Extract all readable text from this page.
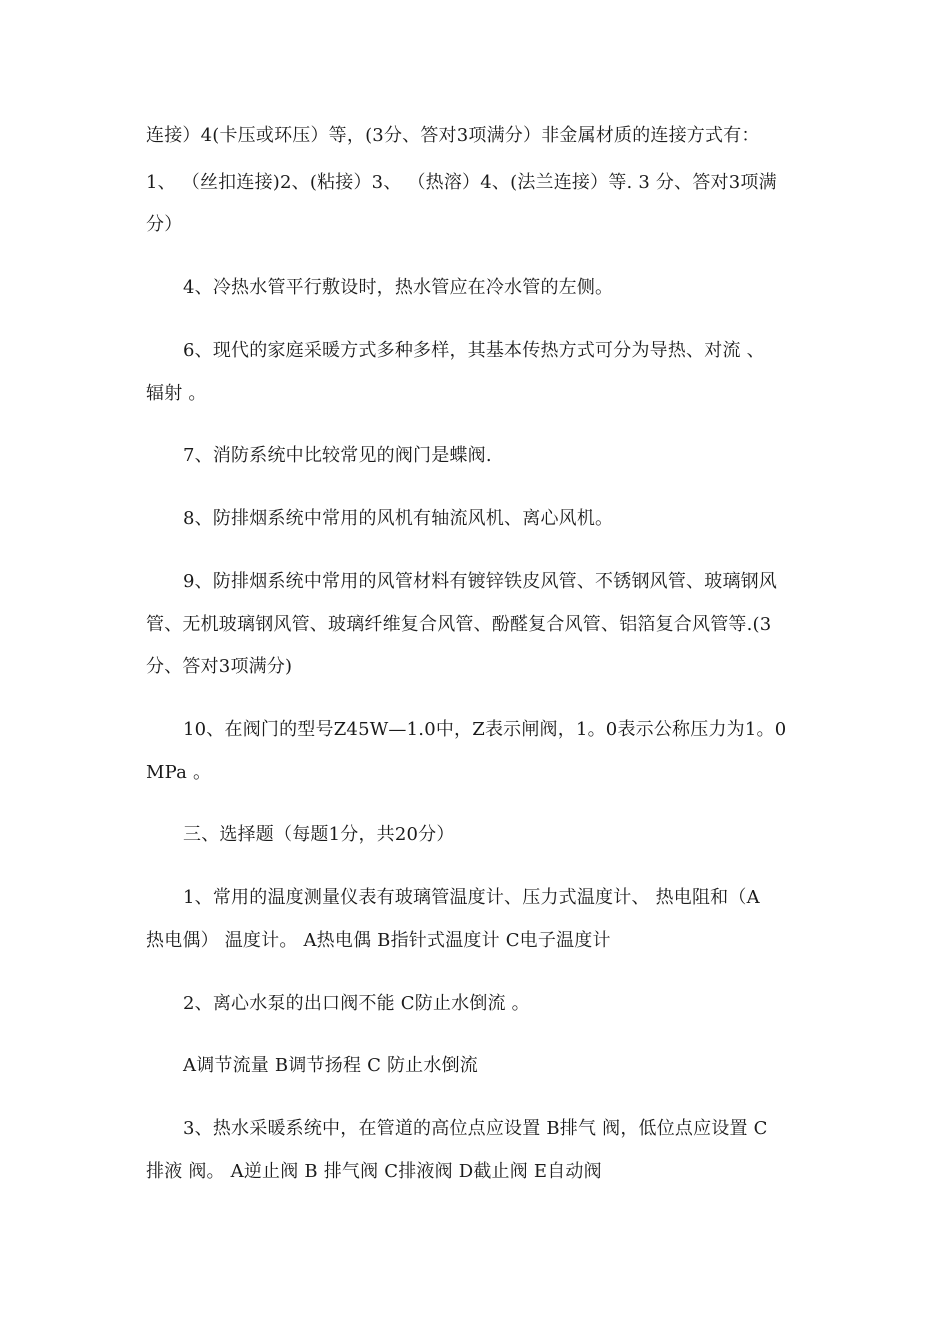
连接）4(卡压或环压）等，(3分、答对3项满分）非金属材质的连接方式有：
1、 （丝扣连接)2、(粘接）3、 （热溶）4、(法兰连接）等. 3 分、答对3项满
分）
4、冷热水管平行敷设时，热水管应在冷水管的左侧。
6、现代的家庭采暖方式多种多样，其基本传热方式可分为导热、对流 、
辐射 。
7、消防系统中比较常见的阀门是蝶阀.
8、防排烟系统中常用的风机有轴流风机、离心风机。
9、防排烟系统中常用的风管材料有镀锌铁皮风管、不锈钢风管、玻璃钢风
管、无机玻璃钢风管、玻璃纤维复合风管、酚醛复合风管、铝箔复合风管等.(3
分、答对3项满分)
10、在阀门的型号Z45W—1.0中，Z表示闸阀，1。0表示公称压力为1。0
MPa 。
三、选择题（每题1分，共20分）
1、常用的温度测量仪表有玻璃管温度计、压力式温度计、 热电阻和（A
热电偶） 温度计。 A热电偶 B指针式温度计 C电子温度计
2、离心水泵的出口阀不能 C防止水倒流 。
A调节流量 B调节扬程 C 防止水倒流
3、热水采暖系统中，在管道的高位点应设置 B排气 阀，低位点应设置 C
排液 阀。 A逆止阀 B 排气阀 C排液阀 D截止阀 E自动阀
